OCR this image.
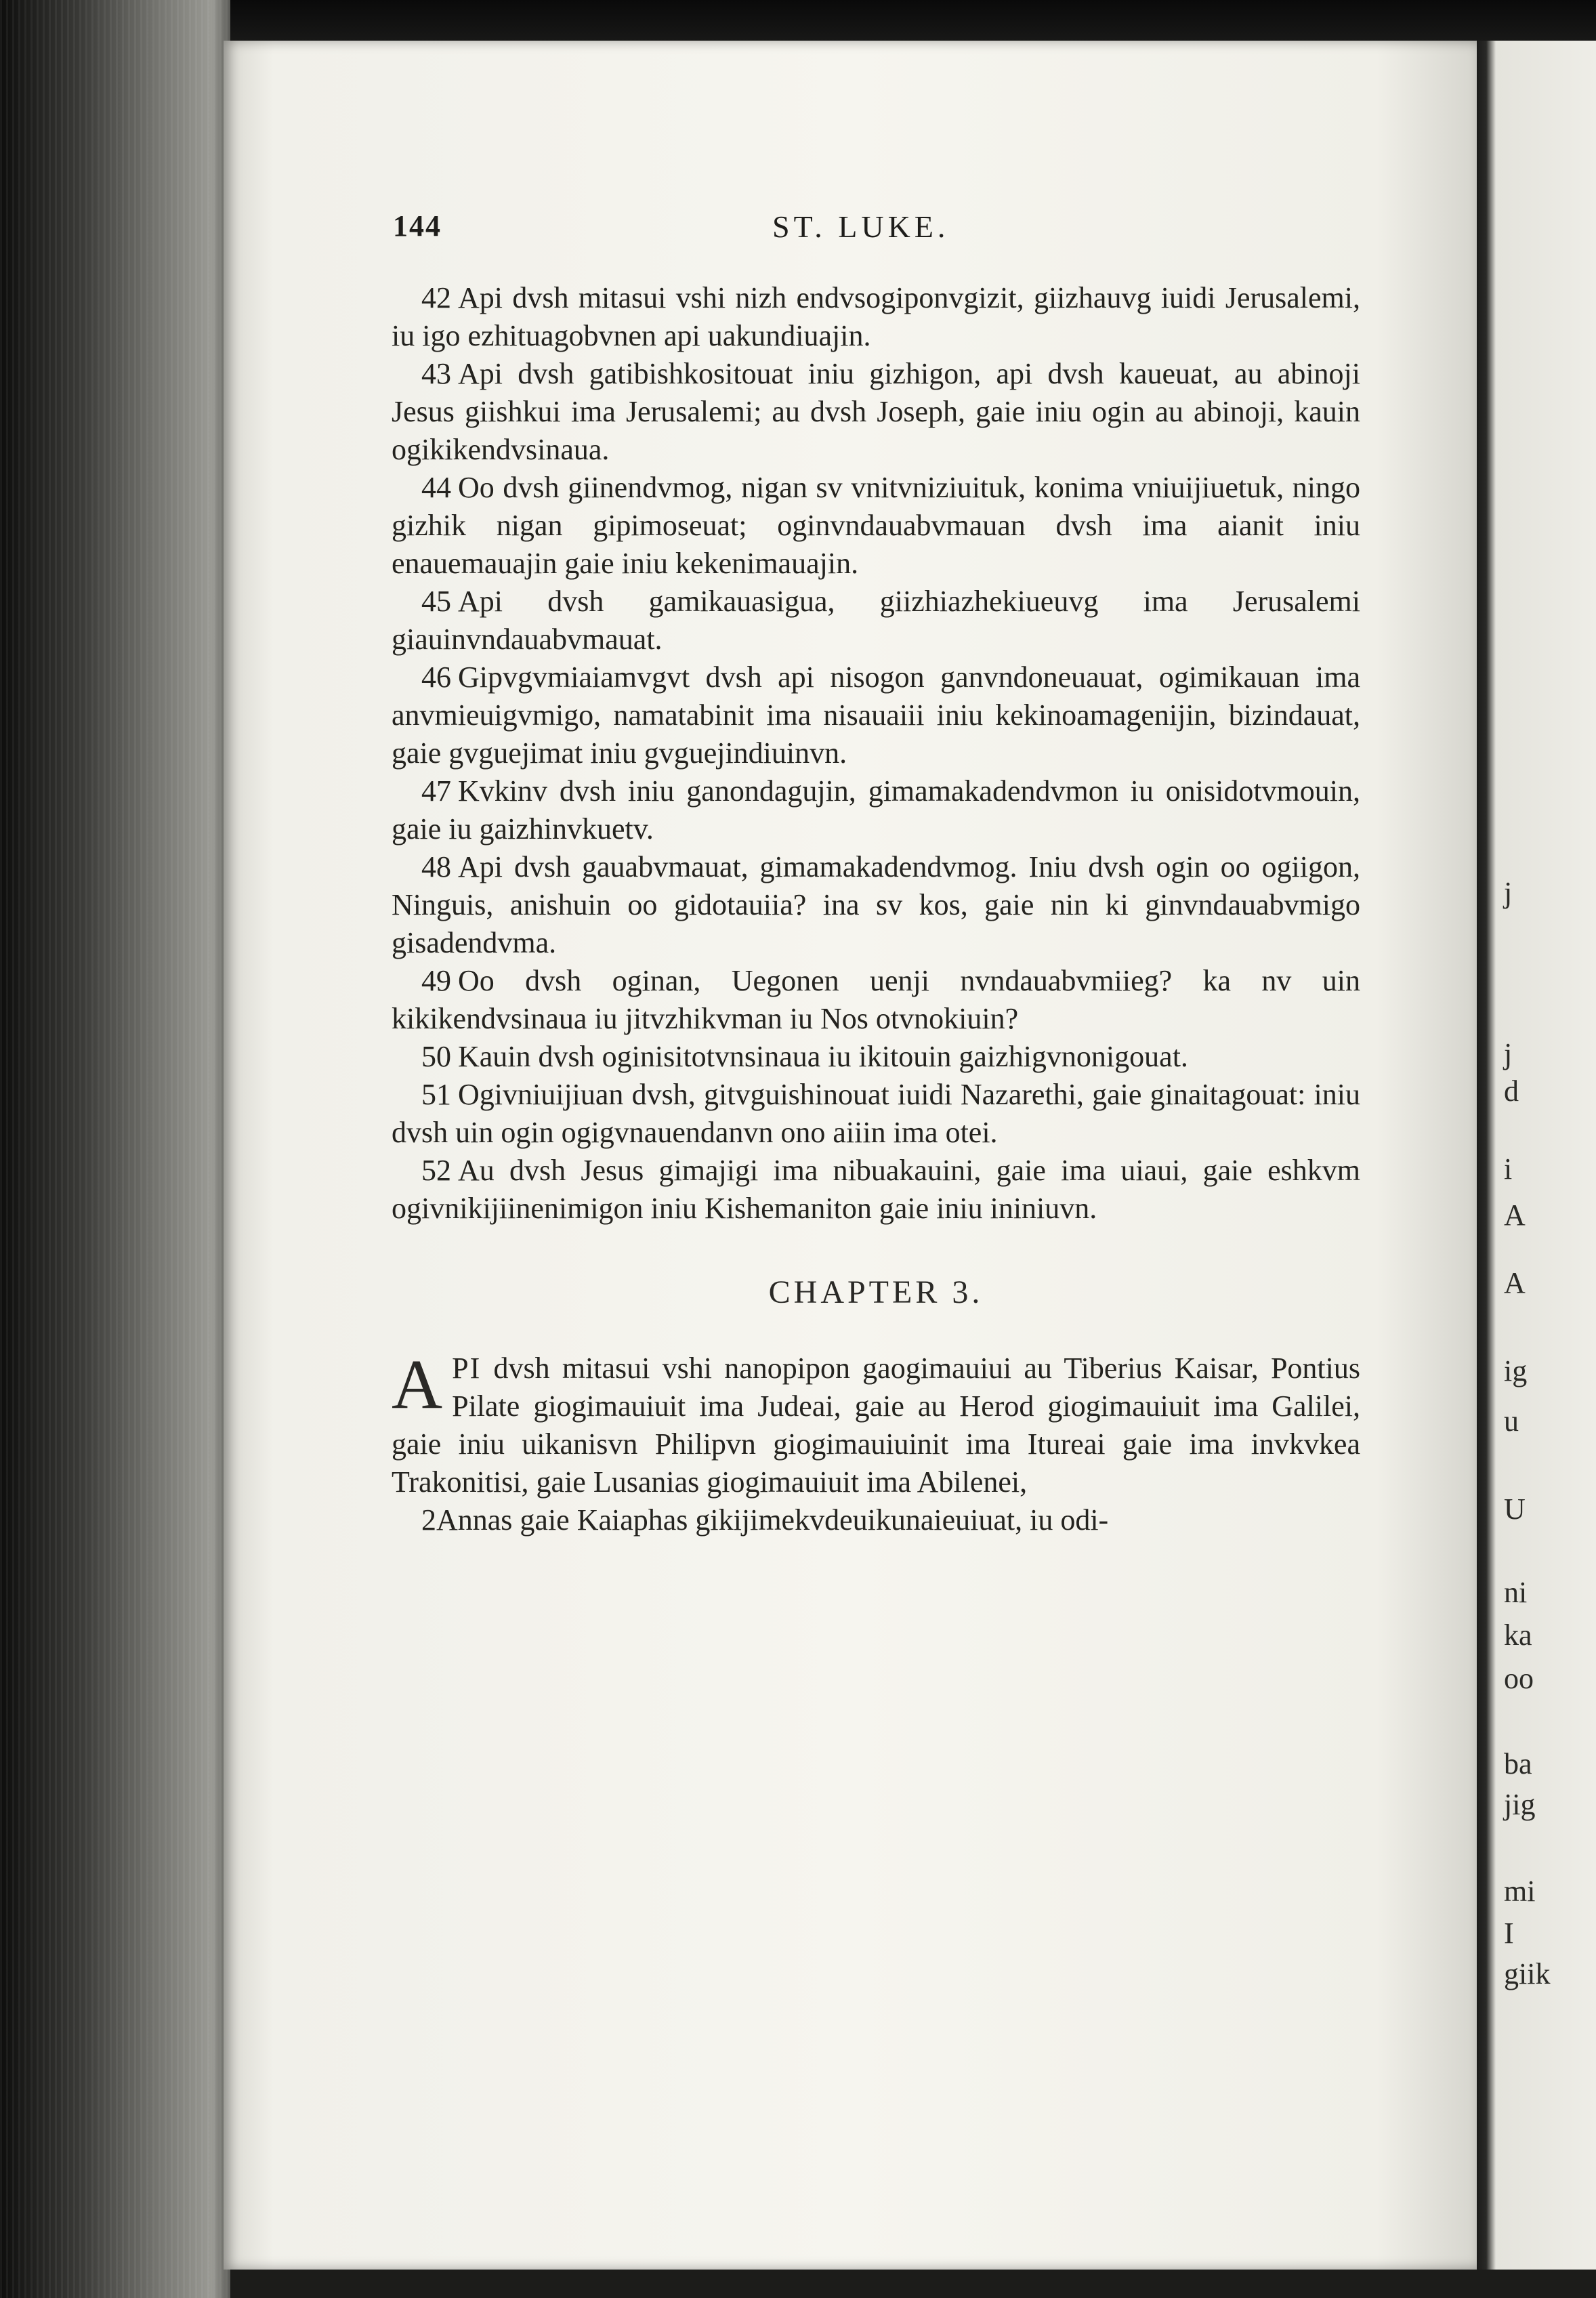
j
j
d
i
A
A
ig
u
U
ni
ka
oo
ba
jig
mi
I
giik
144	ST. LUKE.

42 Api dvsh mitasui vshi nizh endvsogiponvgizit, giizhauvg iuidi Jerusalemi, iu igo ezhituagobvnen api uakundiuajin.

43 Api dvsh gatibishkositouat iniu gizhigon, api dvsh kaueuat, au abinoji Jesus giishkui ima Jerusalemi; au dvsh Joseph, gaie iniu ogin au abinoji, kauin ogikikendvsinaua.

44 Oo dvsh giinendvmog, nigan sv vnitvniziuituk, konima vniuijiuetuk, ningo gizhik nigan gipimoseuat; oginvndauabvmauan dvsh ima aianit iniu enauemauajin gaie iniu kekenimauajin.

45 Api dvsh gamikauasigua, giizhiazhekiueuvg ima Jerusalemi giauinvndauabvmauat.

46 Gipvgvmiaiamvgvt dvsh api nisogon ganvndoneuauat, ogimikauan ima anvmieuigvmigo, namatabinit ima nisauaiii iniu kekinoamagenijin, bizindauat, gaie gvguejimat iniu gvguejindiuinvn.

47 Kvkinv dvsh iniu ganondagujin, gimamakadendvmon iu onisidotvmouin, gaie iu gaizhinvkuetv.

48 Api dvsh gauabvmauat, gimamakadendvmog. Iniu dvsh ogin oo ogiigon, Ninguis, anishuin oo gidotauiia? ina sv kos, gaie nin ki ginvndauabvmigo gisadendvma.

49 Oo dvsh oginan, Uegonen uenji nvndauabvmiieg? ka nv uin kikikendvsinaua iu jitvzhikvman iu Nos otvnokiuin?

50 Kauin dvsh oginisitotvnsinaua iu ikitouin gaizhigvnonigouat.

51 Ogivniuijiuan dvsh, gitvguishinouat iuidi Nazarethi, gaie ginaitagouat: iniu dvsh uin ogin ogigvnauendanvn ono aiiin ima otei.

52 Au dvsh Jesus gimajigi ima nibuakauini, gaie ima uiaui, gaie eshkvm ogivnikijiinenimigon iniu Kishemaniton gaie iniu ininiuvn.

CHAPTER 3.

API dvsh mitasui vshi nanopipon gaogimauiui au Tiberius Kaisar, Pontius Pilate giogimauiuit ima Judeai, gaie au Herod giogimauiuit ima Galilei, gaie iniu uikanisvn Philipvn giogimauiuinit ima Itureai gaie ima invkvkea Trakonitisi, gaie Lusanias giogimauiuit ima Abilenei,

2Annas gaie Kaiaphas gikijimekvdeuikunaieuiuat, iu odi-
